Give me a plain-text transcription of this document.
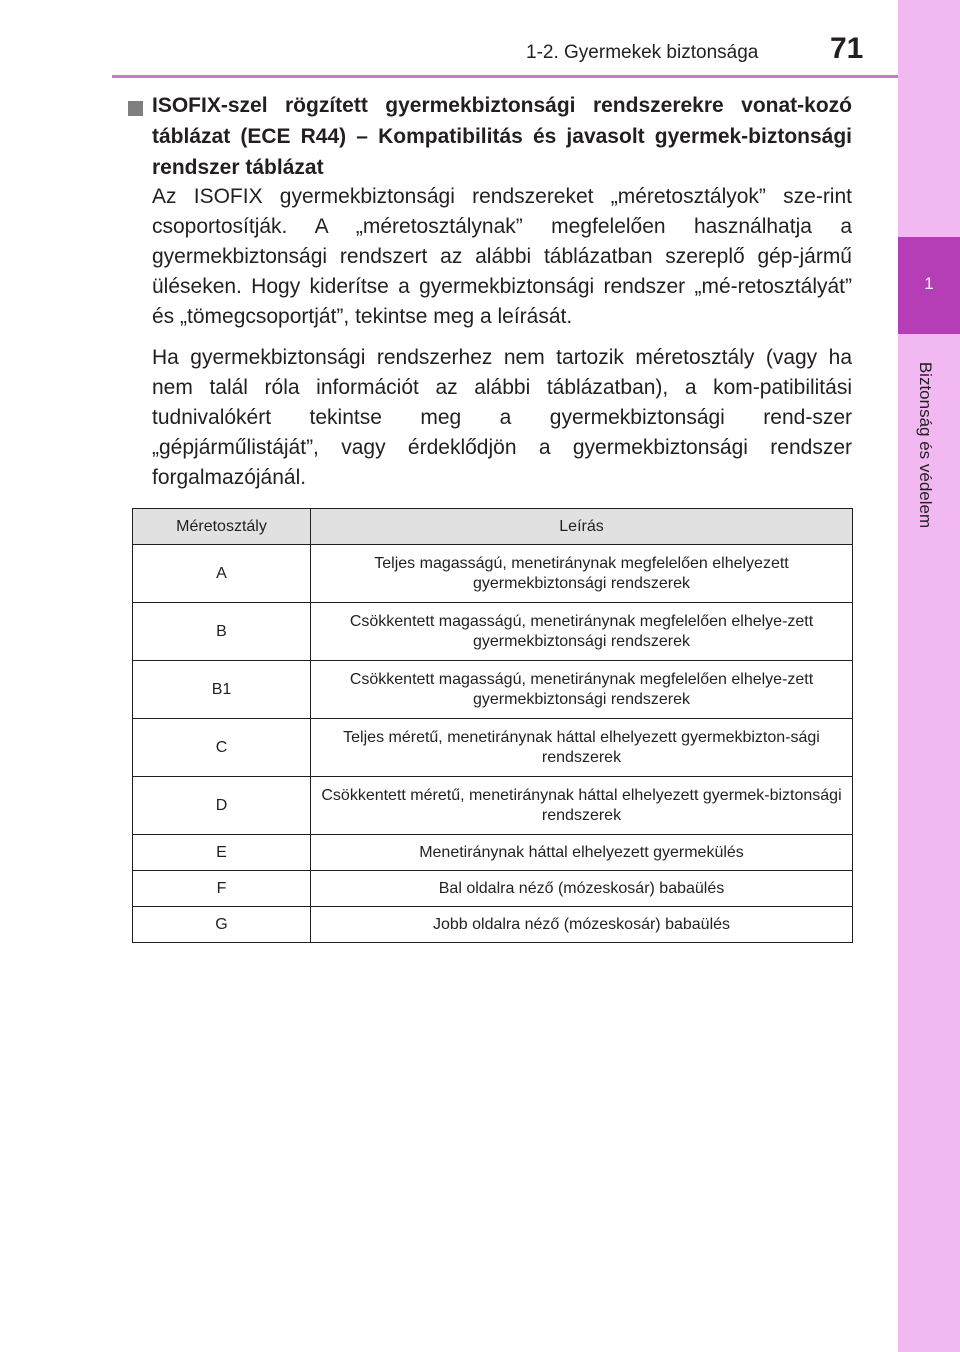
1
Biztonság és védelem
1-2. Gyermekek biztonsága 71
ISOFIX-szel rögzített gyermekbiztonsági rendszerekre vonat-kozó táblázat (ECE R44) – Kompatibilitás és javasolt gyermek-biztonsági rendszer táblázat

Az ISOFIX gyermekbiztonsági rendszereket „méretosztályok” sze-rint csoportosítják. A „méretosztálynak” megfelelően használhatja a gyermekbiztonsági rendszert az alábbi táblázatban szereplő gép-jármű üléseken. Hogy kiderítse a gyermekbiztonsági rendszer „mé-retosztályát” és „tömegcsoportját”, tekintse meg a leírását.

Ha gyermekbiztonsági rendszerhez nem tartozik méretosztály (vagy ha nem talál róla információt az alábbi táblázatban), a kom-patibilitási tudnivalókért tekintse meg a gyermekbiztonsági rend-szer „gépjárműlistáját”, vagy érdeklődjön a gyermekbiztonsági rendszer forgalmazójánál.

Méretosztály	Leírás
A	Teljes magasságú, menetiránynak megfelelően elhelyezett gyermekbiztonsági rendszerek
B	Csökkentett magasságú, menetiránynak megfelelően elhelye-zett gyermekbiztonsági rendszerek
B1	Csökkentett magasságú, menetiránynak megfelelően elhelye-zett gyermekbiztonsági rendszerek
C	Teljes méretű, menetiránynak háttal elhelyezett gyermekbizton-sági rendszerek
D	Csökkentett méretű, menetiránynak háttal elhelyezett gyermek-biztonsági rendszerek
E	Menetiránynak háttal elhelyezett gyermekülés
F	Bal oldalra néző (mózeskosár) babaülés
G	Jobb oldalra néző (mózeskosár) babaülés
